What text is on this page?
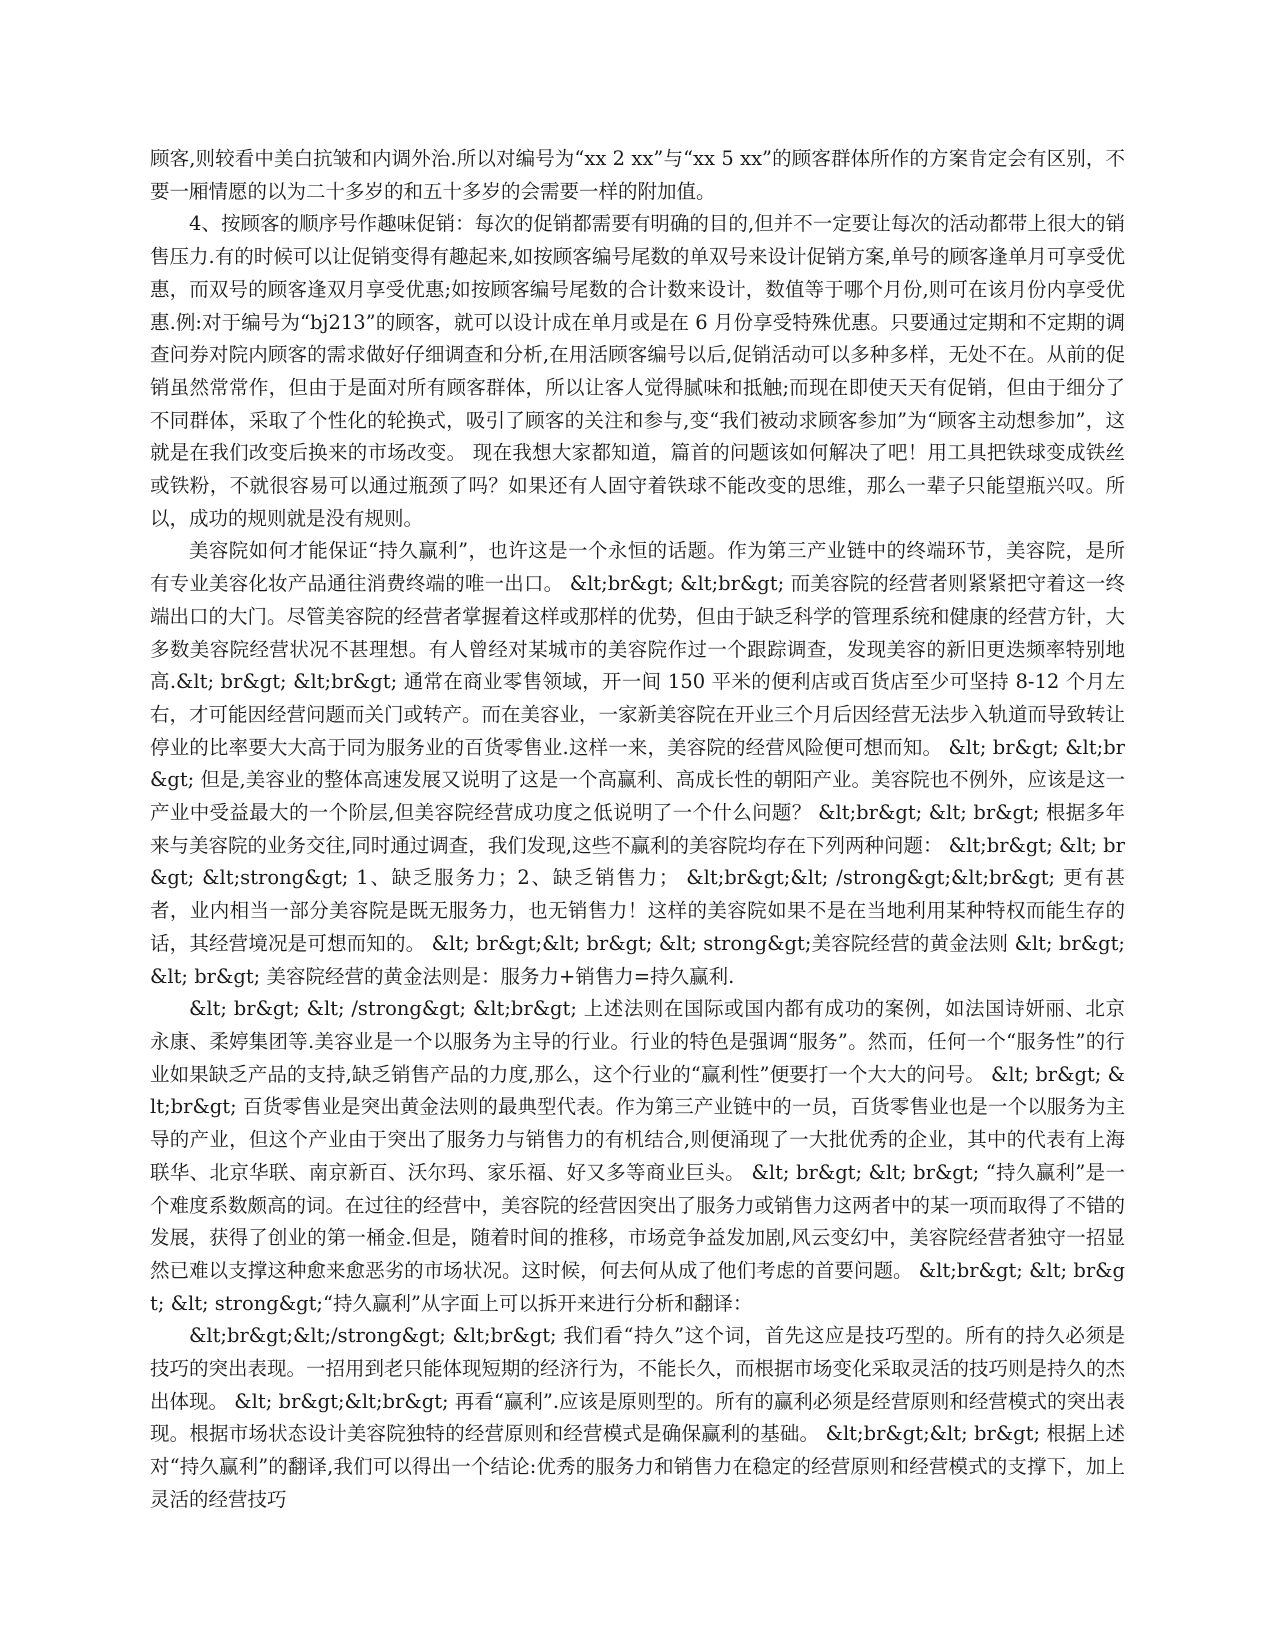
顾客,则较看中美白抗皱和内调外治.所以对编号为“xx 2 xx”与“xx 5 xx”的顾客群体所作的方案肯定会有区别，不要一厢情愿的以为二十多岁的和五十多岁的会需要一样的附加值。

4、按顾客的顺序号作趣味促销：每次的促销都需要有明确的目的,但并不一定要让每次的活动都带上很大的销售压力.有的时候可以让促销变得有趣起来,如按顾客编号尾数的单双号来设计促销方案,单号的顾客逢单月可享受优惠，而双号的顾客逢双月享受优惠;如按顾客编号尾数的合计数来设计，数值等于哪个月份,则可在该月份内享受优惠.例:对于编号为“bj213”的顾客，就可以设计成在单月或是在 6 月份享受特殊优惠。只要通过定期和不定期的调查问券对院内顾客的需求做好仔细调查和分析,在用活顾客编号以后,促销活动可以多种多样，无处不在。从前的促销虽然常常作，但由于是面对所有顾客群体，所以让客人觉得腻味和抵触;而现在即使天天有促销，但由于细分了不同群体，采取了个性化的轮换式，吸引了顾客的关注和参与,变“我们被动求顾客参加”为“顾客主动想参加”，这就是在我们改变后换来的市场改变。 现在我想大家都知道，篇首的问题该如何解决了吧！用工具把铁球变成铁丝或铁粉，不就很容易可以通过瓶颈了吗？如果还有人固守着铁球不能改变的思维，那么一辈子只能望瓶兴叹。所以，成功的规则就是没有规则。

美容院如何才能保证“持久赢利”，也许这是一个永恒的话题。作为第三产业链中的终端环节，美容院，是所有专业美容化妆产品通往消费终端的唯一出口。 &lt;br&gt; &lt;br&gt; 而美容院的经营者则紧紧把守着这一终端出口的大门。尽管美容院的经营者掌握着这样或那样的优势，但由于缺乏科学的管理系统和健康的经营方针，大多数美容院经营状况不甚理想。有人曾经对某城市的美容院作过一个跟踪调查，发现美容的新旧更迭频率特别地高.&lt; br&gt; &lt;br&gt; 通常在商业零售领域，开一间 150 平米的便利店或百货店至少可坚持 8-12 个月左右，才可能因经营问题而关门或转产。而在美容业，一家新美容院在开业三个月后因经营无法步入轨道而导致转让停业的比率要大大高于同为服务业的百货零售业.这样一来，美容院的经营风险便可想而知。 &lt; br&gt; &lt;br&gt; 但是,美容业的整体高速发展又说明了这是一个高赢利、高成长性的朝阳产业。美容院也不例外，应该是这一产业中受益最大的一个阶层,但美容院经营成功度之低说明了一个什么问题？ &lt;br&gt; &lt; br&gt; 根据多年来与美容院的业务交往,同时通过调查，我们发现,这些不赢利的美容院均存在下列两种问题： &lt;br&gt; &lt; br&gt; &lt;strong&gt; 1、缺乏服务力；2、缺乏销售力； &lt;br&gt;&lt; /strong&gt;&lt;br&gt; 更有甚者，业内相当一部分美容院是既无服务力，也无销售力！这样的美容院如果不是在当地利用某种特权而能生存的话，其经营境况是可想而知的。 &lt; br&gt;&lt; br&gt; &lt; strong&gt;美容院经营的黄金法则 &lt; br&gt; &lt; br&gt; 美容院经营的黄金法则是：服务力+销售力=持久赢利.

&lt; br&gt; &lt; /strong&gt; &lt;br&gt; 上述法则在国际或国内都有成功的案例，如法国诗妍丽、北京永康、柔婷集团等.美容业是一个以服务为主导的行业。行业的特色是强调“服务”。然而，任何一个“服务性”的行业如果缺乏产品的支持,缺乏销售产品的力度,那么，这个行业的“赢利性”便要打一个大大的问号。 &lt; br&gt; &lt;br&gt; 百货零售业是突出黄金法则的最典型代表。作为第三产业链中的一员，百货零售业也是一个以服务为主导的产业，但这个产业由于突出了服务力与销售力的有机结合,则便涌现了一大批优秀的企业，其中的代表有上海联华、北京华联、南京新百、沃尔玛、家乐福、好又多等商业巨头。 &lt; br&gt; &lt; br&gt; “持久赢利”是一个难度系数颇高的词。在过往的经营中，美容院的经营因突出了服务力或销售力这两者中的某一项而取得了不错的发展，获得了创业的第一桶金.但是，随着时间的推移，市场竞争益发加剧,风云变幻中，美容院经营者独守一招显然已难以支撑这种愈来愈恶劣的市场状况。这时候，何去何从成了他们考虑的首要问题。 &lt;br&gt; &lt; br&gt; &lt; strong&gt;“持久赢利”从字面上可以拆开来进行分析和翻译：

&lt;br&gt;&lt;/strong&gt; &lt;br&gt; 我们看“持久”这个词，首先这应是技巧型的。所有的持久必须是技巧的突出表现。一招用到老只能体现短期的经济行为，不能长久，而根据市场变化采取灵活的技巧则是持久的杰出体现。 &lt; br&gt;&lt;br&gt; 再看“赢利”.应该是原则型的。所有的赢利必须是经营原则和经营模式的突出表现。根据市场状态设计美容院独特的经营原则和经营模式是确保赢利的基础。 &lt;br&gt;&lt; br&gt; 根据上述对“持久赢利”的翻译,我们可以得出一个结论:优秀的服务力和销售力在稳定的经营原则和经营模式的支撑下，加上灵活的经营技巧
